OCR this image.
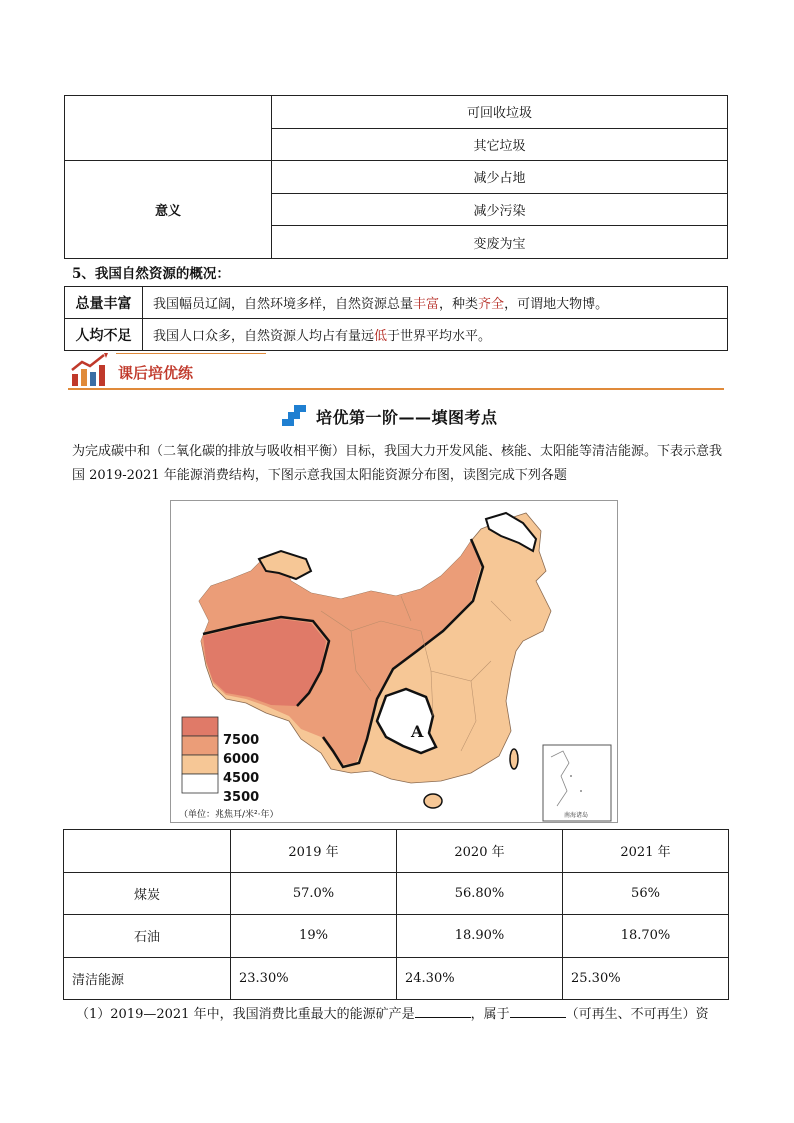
	可回收垃圾
	其它垃圾
意义	减少占地
	减少污染
	变废为宝
5、我国自然资源的概况：
总量丰富	我国幅员辽阔，自然环境多样，自然资源总量丰富，种类齐全，可谓地大物博。
人均不足	我国人口众多，自然资源人均占有量远低于世界平均水平。
课后培优练
培优第一阶——填图考点
为完成碳中和（二氧化碳的排放与吸收相平衡）目标，我国大力开发风能、核能、太阳能等清洁能源。下表示意我国 2019-2021 年能源消费结构，下图示意我国太阳能资源分布图，读图完成下列各题
A
南海诸岛
7500
6000
4500
3500
（单位：兆焦耳/米²·年）
	2019 年	2020 年	2021 年
煤炭	57.0%	56.80%	56%
石油	19%	18.90%	18.70%
清洁能源	23.30%	24.30%	25.30%
（1）2019—2021 年中，我国消费比重最大的能源矿产是	，属于	（可再生、不可再生）资
